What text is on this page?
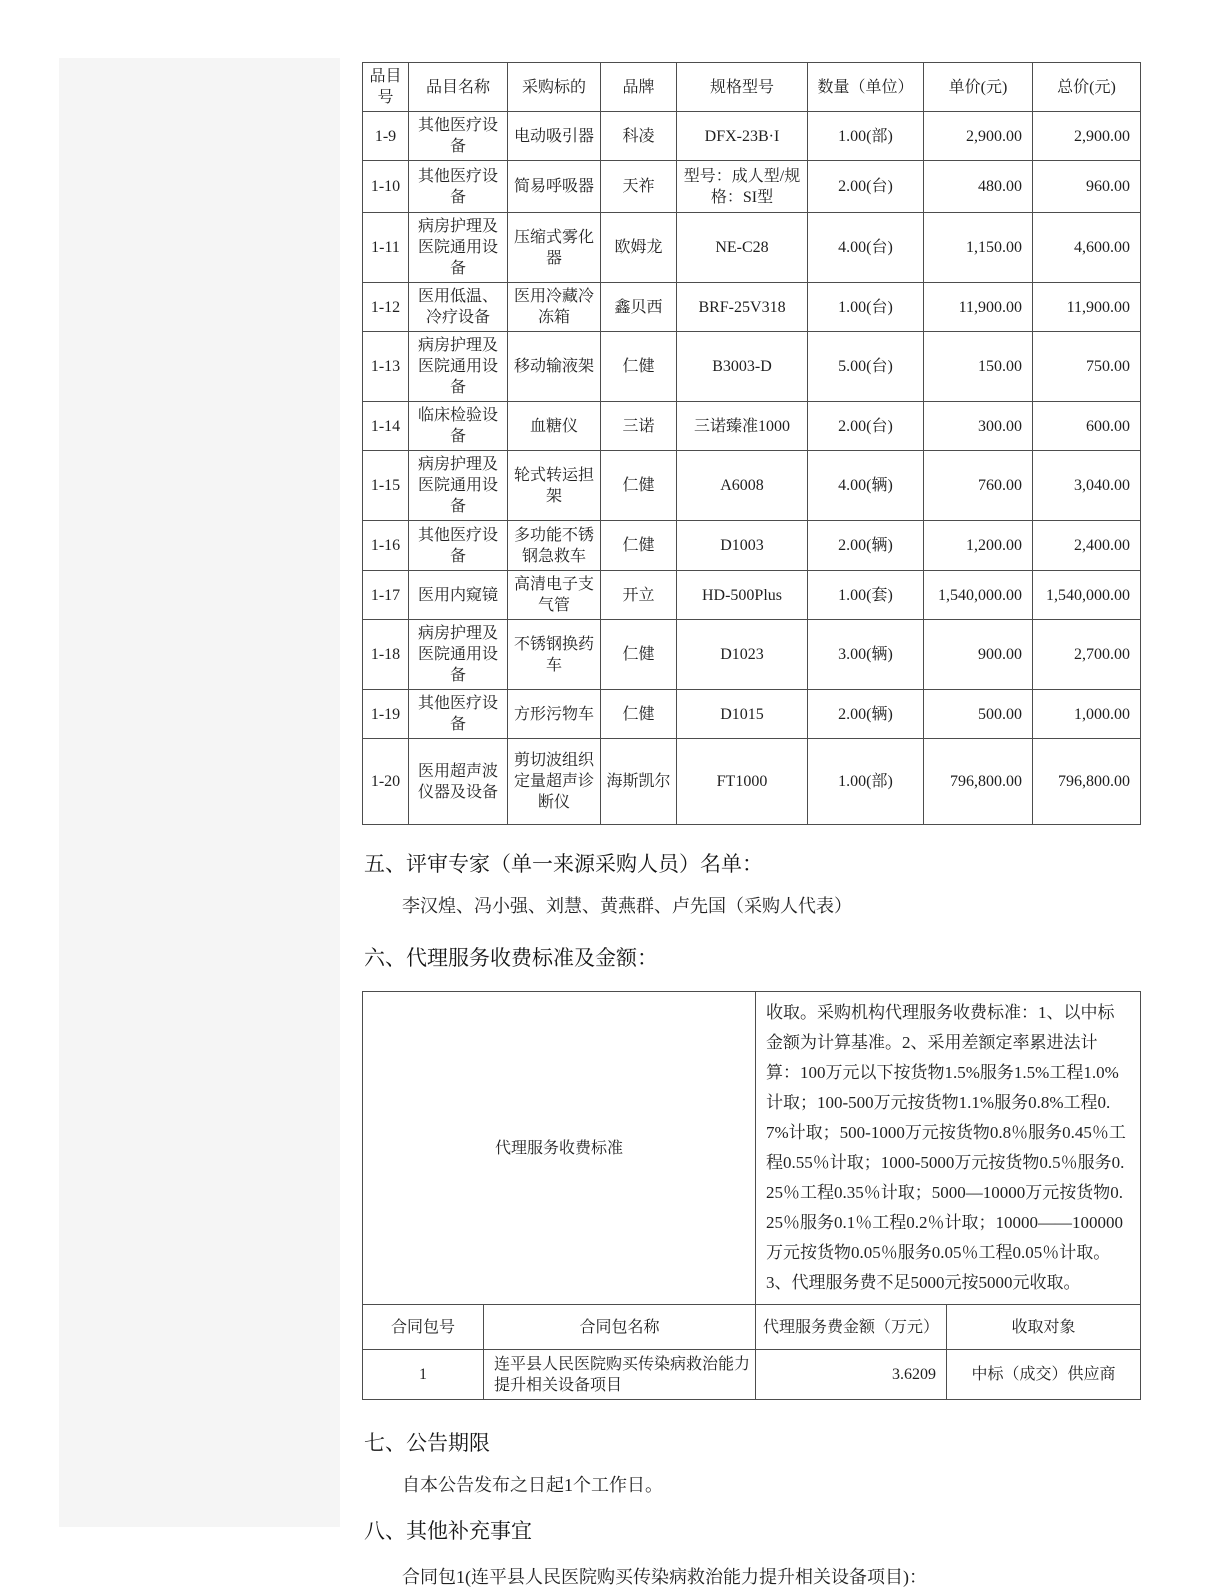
品目号	品目名称	采购标的	品牌	规格型号	数量（单位）	单价(元)	总价(元)
1-9	其他医疗设备	电动吸引器	科凌	DFX-23B·I	1.00(部)	2,900.00	2,900.00
1-10	其他医疗设备	简易呼吸器	天祚	型号：成人型/规格：SI型	2.00(台)	480.00	960.00
1-11	病房护理及医院通用设备	压缩式雾化器	欧姆龙	NE-C28	4.00(台)	1,150.00	4,600.00
1-12	医用低温、冷疗设备	医用冷藏冷冻箱	鑫贝西	BRF-25V318	1.00(台)	11,900.00	11,900.00
1-13	病房护理及医院通用设备	移动输液架	仁健	B3003-D	5.00(台)	150.00	750.00
1-14	临床检验设备	血糖仪	三诺	三诺臻准1000	2.00(台)	300.00	600.00
1-15	病房护理及医院通用设备	轮式转运担架	仁健	A6008	4.00(辆)	760.00	3,040.00
1-16	其他医疗设备	多功能不锈钢急救车	仁健	D1003	2.00(辆)	1,200.00	2,400.00
1-17	医用内窥镜	高清电子支气管	开立	HD-500Plus	1.00(套)	1,540,000.00	1,540,000.00
1-18	病房护理及医院通用设备	不锈钢换药车	仁健	D1023	3.00(辆)	900.00	2,700.00
1-19	其他医疗设备	方形污物车	仁健	D1015	2.00(辆)	500.00	1,000.00
1-20	医用超声波仪器及设备	剪切波组织定量超声诊断仪	海斯凯尔	FT1000	1.00(部)	796,800.00	796,800.00
五、评审专家（单一来源采购人员）名单：
李汉煌、冯小强、刘慧、黄燕群、卢先国（采购人代表）
六、代理服务收费标准及金额：
代理服务收费标准		收取。采购机构代理服务收费标准：1、以中标金额为计算基准。2、采用差额定率累进法计算：100万元以下按货物1.5%服务1.5%工程1.0%计取；100-500万元按货物1.1%服务0.8%工程0.7%计取；500-1000万元按货物0.8％服务0.45％工程0.55％计取；1000-5000万元按货物0.5％服务0.25％工程0.35％计取；5000—10000万元按货物0.25％服务0.1％工程0.2％计取；10000——100000万元按货物0.05％服务0.05％工程0.05％计取。3、代理服务费不足5000元按5000元收取。	
合同包号	合同包名称	代理服务费金额（万元）	收取对象
1	连平县人民医院购买传染病救治能力提升相关设备项目	3.6209	中标（成交）供应商
七、公告期限
自本公告发布之日起1个工作日。
八、其他补充事宜
合同包1(连平县人民医院购买传染病救治能力提升相关设备项目)：
